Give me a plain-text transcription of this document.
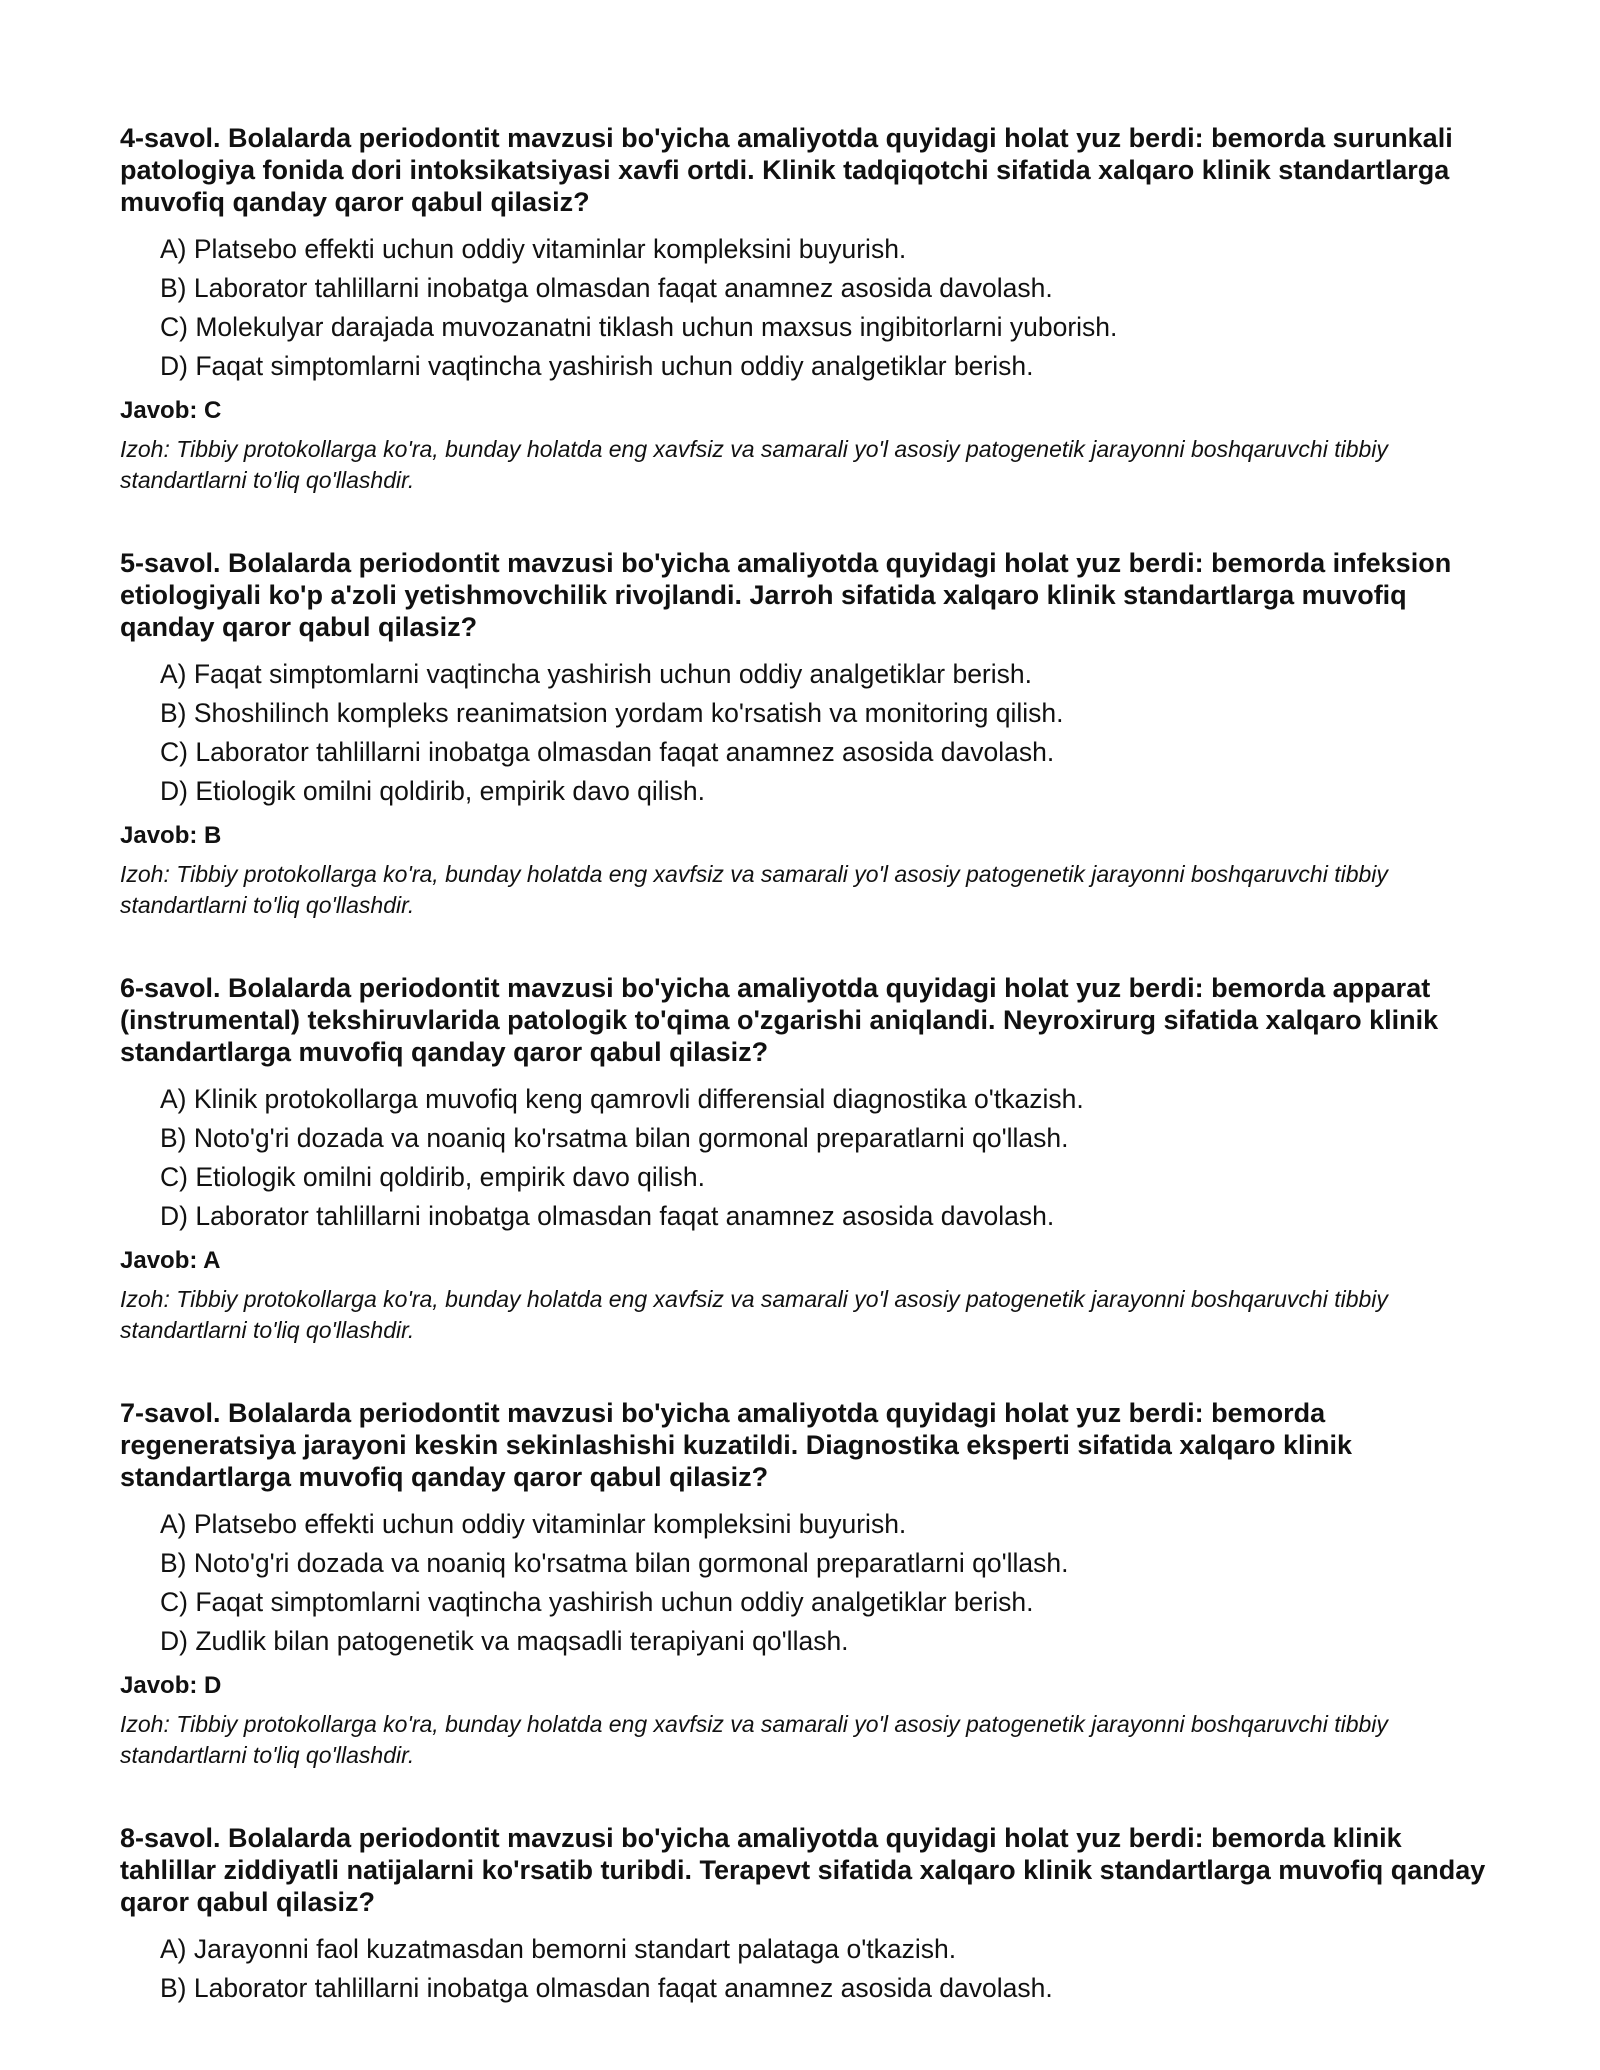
4-savol. Bolalarda periodontit mavzusi bo'yicha amaliyotda quyidagi holat yuz berdi: bemorda surunkali patologiya fonida dori intoksikatsiyasi xavfi ortdi. Klinik tadqiqotchi sifatida xalqaro klinik standartlarga muvofiq qanday qaror qabul qilasiz?

A) Platsebo effekti uchun oddiy vitaminlar kompleksini buyurish.
B) Laborator tahlillarni inobatga olmasdan faqat anamnez asosida davolash.
C) Molekulyar darajada muvozanatni tiklash uchun maxsus ingibitorlarni yuborish.
D) Faqat simptomlarni vaqtincha yashirish uchun oddiy analgetiklar berish.

Javob: C

Izoh: Tibbiy protokollarga ko'ra, bunday holatda eng xavfsiz va samarali yo'l asosiy patogenetik jarayonni boshqaruvchi tibbiy standartlarni to'liq qo'llashdir.

5-savol. Bolalarda periodontit mavzusi bo'yicha amaliyotda quyidagi holat yuz berdi: bemorda infeksion etiologiyali ko'p a'zoli yetishmovchilik rivojlandi. Jarroh sifatida xalqaro klinik standartlarga muvofiq qanday qaror qabul qilasiz?

A) Faqat simptomlarni vaqtincha yashirish uchun oddiy analgetiklar berish.
B) Shoshilinch kompleks reanimatsion yordam ko'rsatish va monitoring qilish.
C) Laborator tahlillarni inobatga olmasdan faqat anamnez asosida davolash.
D) Etiologik omilni qoldirib, empirik davo qilish.

Javob: B

Izoh: Tibbiy protokollarga ko'ra, bunday holatda eng xavfsiz va samarali yo'l asosiy patogenetik jarayonni boshqaruvchi tibbiy standartlarni to'liq qo'llashdir.

6-savol. Bolalarda periodontit mavzusi bo'yicha amaliyotda quyidagi holat yuz berdi: bemorda apparat (instrumental) tekshiruvlarida patologik to'qima o'zgarishi aniqlandi. Neyroxirurg sifatida xalqaro klinik standartlarga muvofiq qanday qaror qabul qilasiz?

A) Klinik protokollarga muvofiq keng qamrovli differensial diagnostika o'tkazish.
B) Noto'g'ri dozada va noaniq ko'rsatma bilan gormonal preparatlarni qo'llash.
C) Etiologik omilni qoldirib, empirik davo qilish.
D) Laborator tahlillarni inobatga olmasdan faqat anamnez asosida davolash.

Javob: A

Izoh: Tibbiy protokollarga ko'ra, bunday holatda eng xavfsiz va samarali yo'l asosiy patogenetik jarayonni boshqaruvchi tibbiy standartlarni to'liq qo'llashdir.

7-savol. Bolalarda periodontit mavzusi bo'yicha amaliyotda quyidagi holat yuz berdi: bemorda regeneratsiya jarayoni keskin sekinlashishi kuzatildi. Diagnostika eksperti sifatida xalqaro klinik standartlarga muvofiq qanday qaror qabul qilasiz?

A) Platsebo effekti uchun oddiy vitaminlar kompleksini buyurish.
B) Noto'g'ri dozada va noaniq ko'rsatma bilan gormonal preparatlarni qo'llash.
C) Faqat simptomlarni vaqtincha yashirish uchun oddiy analgetiklar berish.
D) Zudlik bilan patogenetik va maqsadli terapiyani qo'llash.

Javob: D

Izoh: Tibbiy protokollarga ko'ra, bunday holatda eng xavfsiz va samarali yo'l asosiy patogenetik jarayonni boshqaruvchi tibbiy standartlarni to'liq qo'llashdir.

8-savol. Bolalarda periodontit mavzusi bo'yicha amaliyotda quyidagi holat yuz berdi: bemorda klinik tahlillar ziddiyatli natijalarni ko'rsatib turibdi. Terapevt sifatida xalqaro klinik standartlarga muvofiq qanday qaror qabul qilasiz?

A) Jarayonni faol kuzatmasdan bemorni standart palataga o'tkazish.
B) Laborator tahlillarni inobatga olmasdan faqat anamnez asosida davolash.
